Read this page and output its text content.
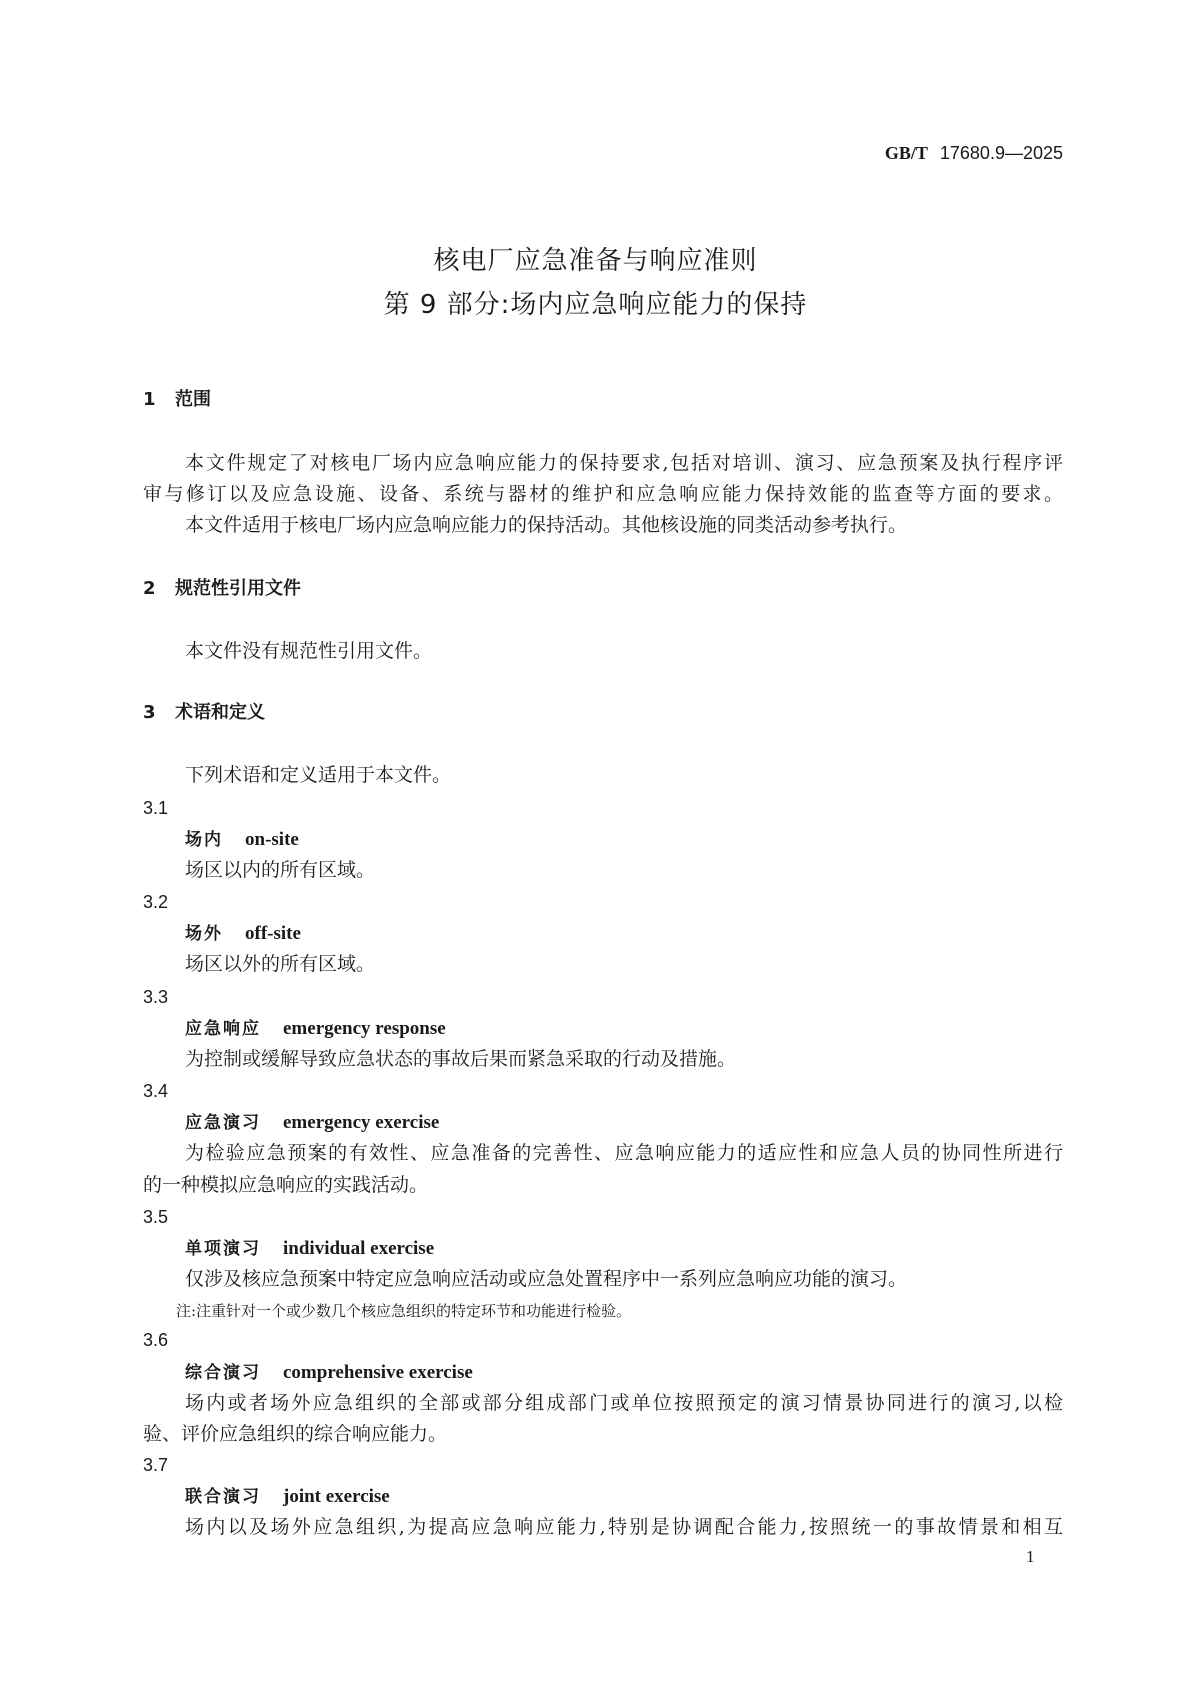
GB/T 17680.9—2025
核电厂应急准备与响应准则
第 9 部分:场内应急响应能力的保持
1 范围
本文件规定了对核电厂场内应急响应能力的保持要求,包括对培训、演习、应急预案及执行程序评
审与修订以及应急设施、设备、系统与器材的维护和应急响应能力保持效能的监查等方面的要求。
本文件适用于核电厂场内应急响应能力的保持活动。其他核设施的同类活动参考执行。
2 规范性引用文件
本文件没有规范性引用文件。
3 术语和定义
下列术语和定义适用于本文件。
3.1
场内 on-site
场区以内的所有区域。
3.2
场外 off-site
场区以外的所有区域。
3.3
应急响应 emergency response
为控制或缓解导致应急状态的事故后果而紧急采取的行动及措施。
3.4
应急演习 emergency exercise
为检验应急预案的有效性、应急准备的完善性、应急响应能力的适应性和应急人员的协同性所进行
的一种模拟应急响应的实践活动。
3.5
单项演习 individual exercise
仅涉及核应急预案中特定应急响应活动或应急处置程序中一系列应急响应功能的演习。
注:注重针对一个或少数几个核应急组织的特定环节和功能进行检验。
3.6
综合演习 comprehensive exercise
场内或者场外应急组织的全部或部分组成部门或单位按照预定的演习情景协同进行的演习,以检
验、评价应急组织的综合响应能力。
3.7
联合演习 joint exercise
场内以及场外应急组织,为提高应急响应能力,特别是协调配合能力,按照统一的事故情景和相互
1
